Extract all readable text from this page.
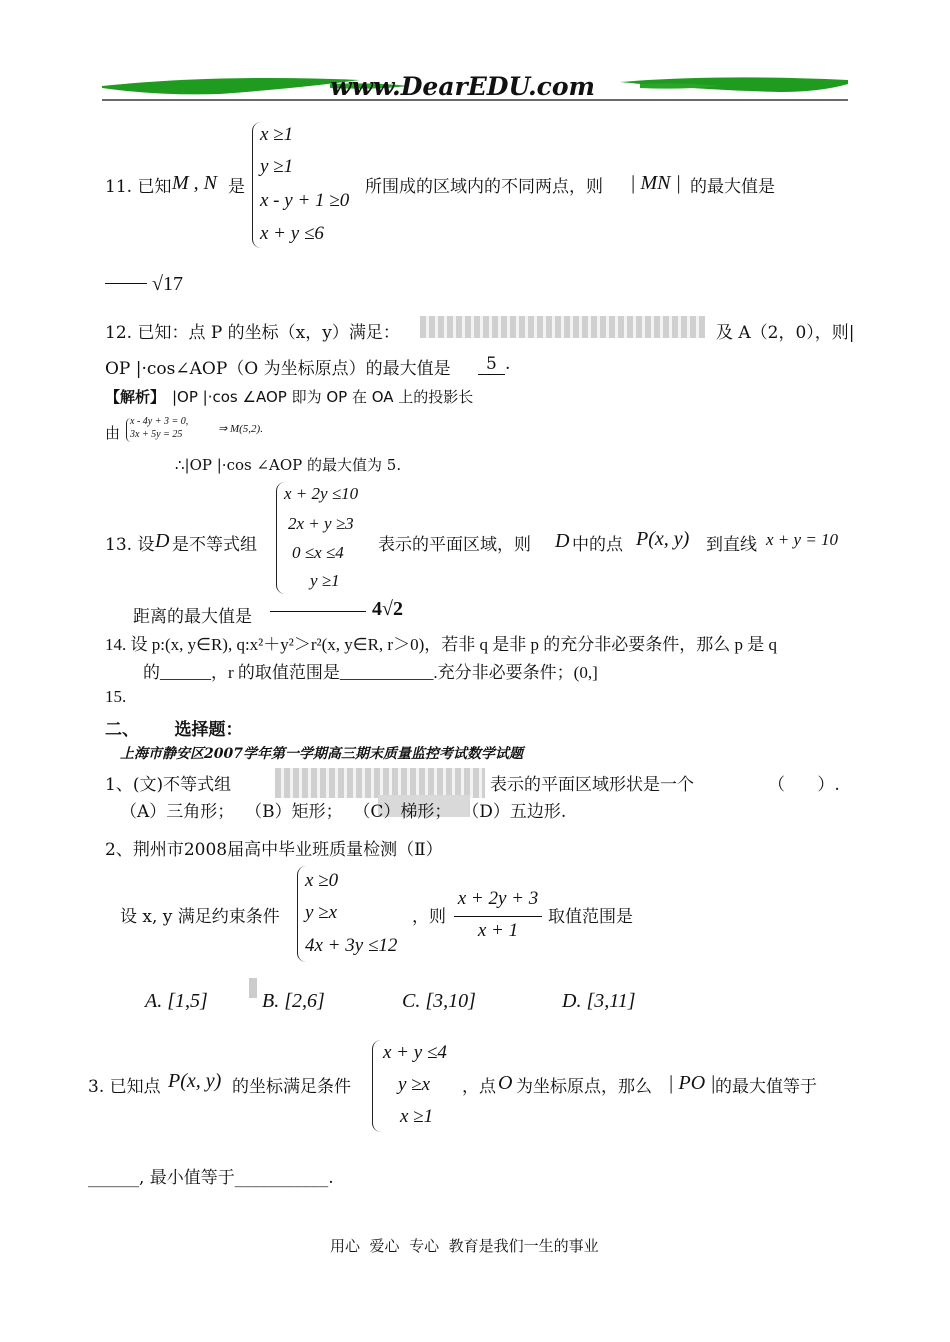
www.DearEDU.com
11. 已知 M , N 是
x ≥1
y ≥1
x - y + 1 ≥0
x + y ≤6
所围成的区域内的不同两点，则 | MN | 的最大值是
√17
12. 已知：点 P 的坐标（x，y）满足：	及 A（2，0），则|
OP |·cos∠AOP（O 为坐标原点）的最大值是	5 .
【解析】 |OP |·cos ∠AOP 即为 OP 在 OA 上的投影长
由
x - 4y + 3 = 0,
3x + 5y = 25	⇒ M(5,2).
∴|OP |·cos ∠AOP 的最大值为 5.
13. 设 D 是不等式组
x + 2y ≤10
2x + y ≥3
0 ≤x ≤4
y ≥1
表示的平面区域，则 D 中的点 P(x, y) 到直线 x + y = 10
距离的最大值是	4√2
14. 设 p:(x, y∈R), q:x²＋y²＞r²(x, y∈R, r＞0)，若非 q 是非 p 的充分非必要条件，那么 p 是 q
的______，r 的取值范围是___________.充分非必要条件；(0,]
15.
二、      选择题：
上海市静安区2007学年第一学期高三期末质量监控考试数学试题
1、(文)不等式组	表示的平面区域形状是一个	（      ）.
（A）三角形；  （B）矩形；  （C）梯形；  （D）五边形.
2、荆州市2008届高中毕业班质量检测（Ⅱ）
设 x, y 满足约束条件
x ≥0
y ≥x
4x + 3y ≤12
，则
x + 2y + 3
x + 1
取值范围是
A. [1,5]	B. [2,6]	C. [3,10]	D. [3,11]
3. 已知点 P(x, y) 的坐标满足条件
x + y ≤4
y ≥x
x ≥1
，点 O 为坐标原点，那么 | PO | 的最大值等于
______, 最小值等于___________.
用心  爱心  专心  教育是我们一生的事业
